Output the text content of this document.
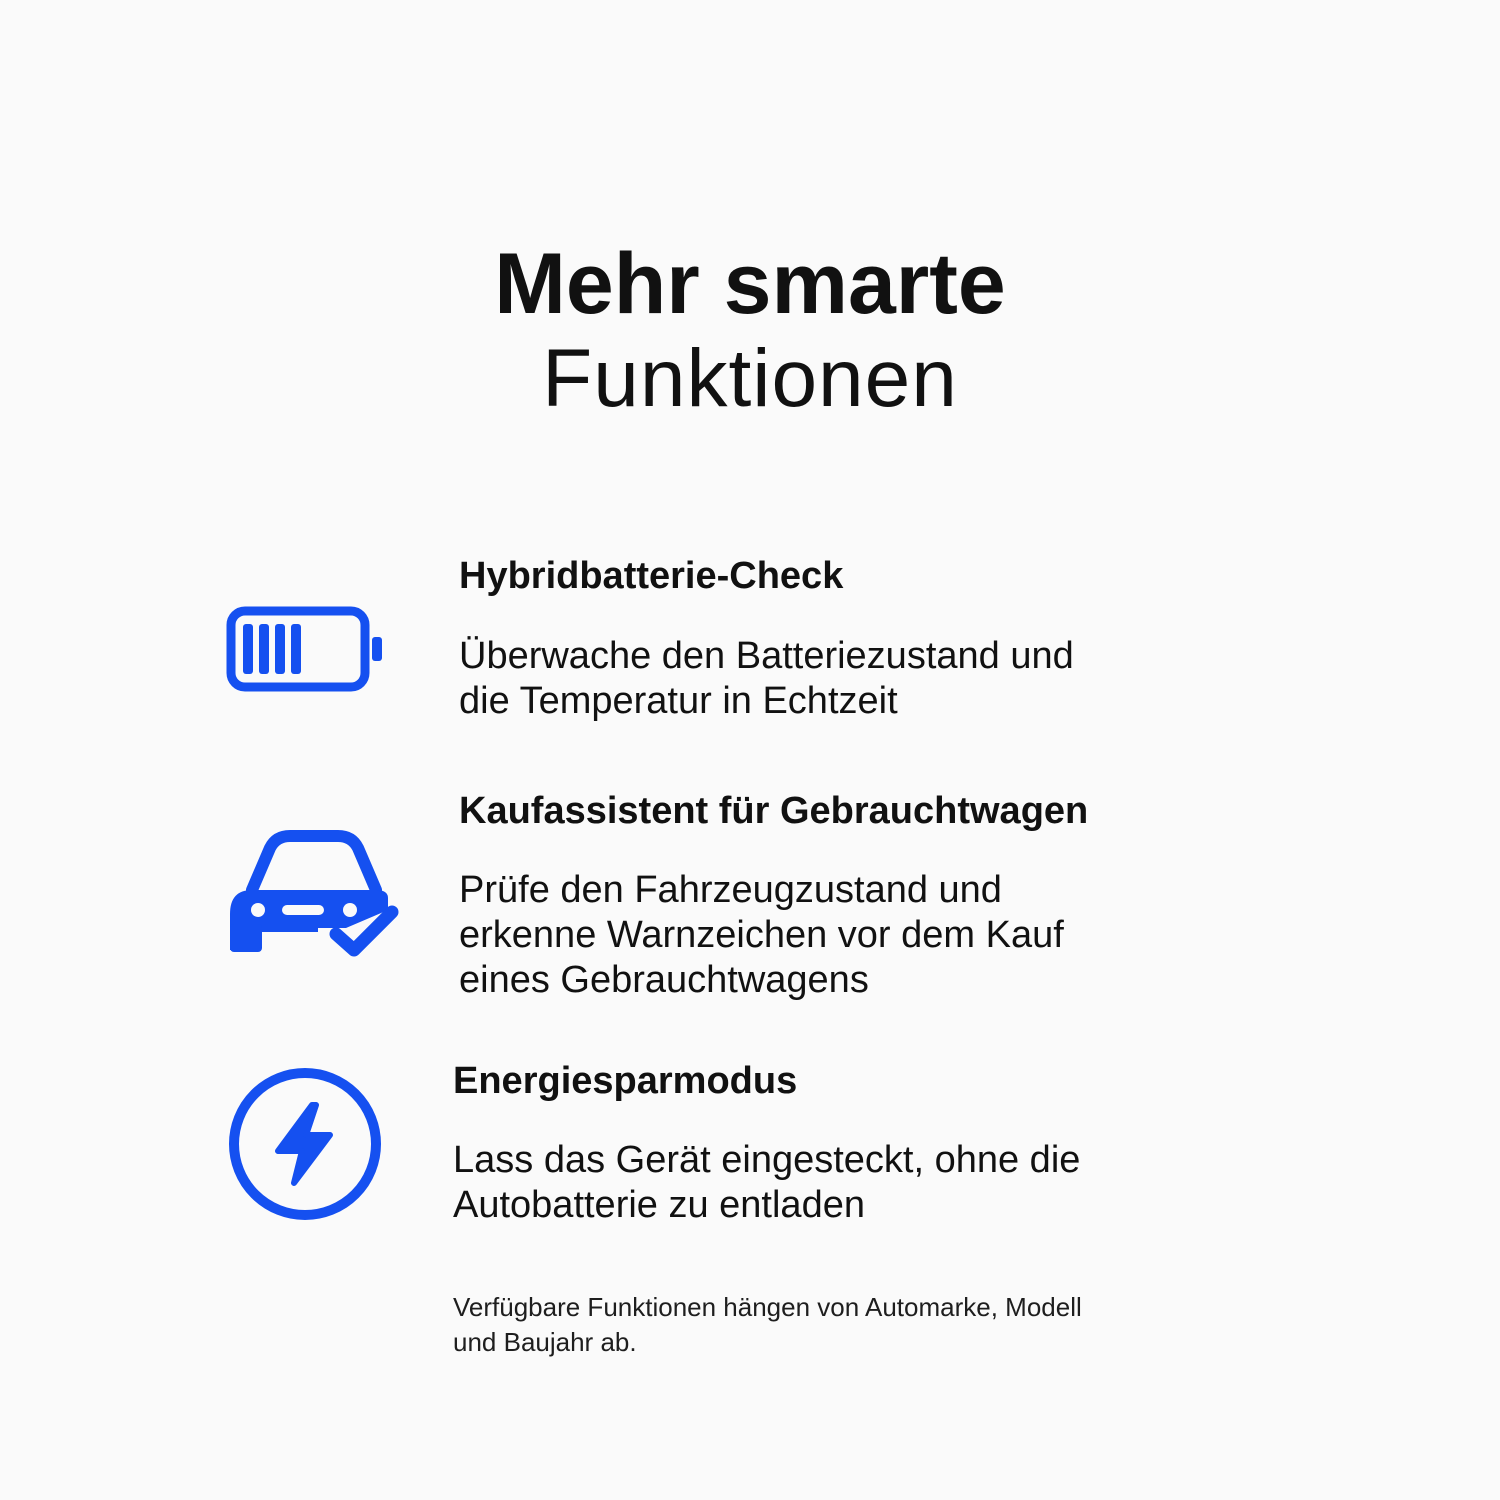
Mehr smarte
Funktionen
Hybridbatterie-Check
Überwache den Batteriezustand und
die Temperatur in Echtzeit
Kaufassistent für Gebrauchtwagen
Prüfe den Fahrzeugzustand und
erkenne Warnzeichen vor dem Kauf
eines Gebrauchtwagens
Energiesparmodus
Lass das Gerät eingesteckt, ohne die
Autobatterie zu entladen
Verfügbare Funktionen hängen von Automarke, Modell
und Baujahr ab.
